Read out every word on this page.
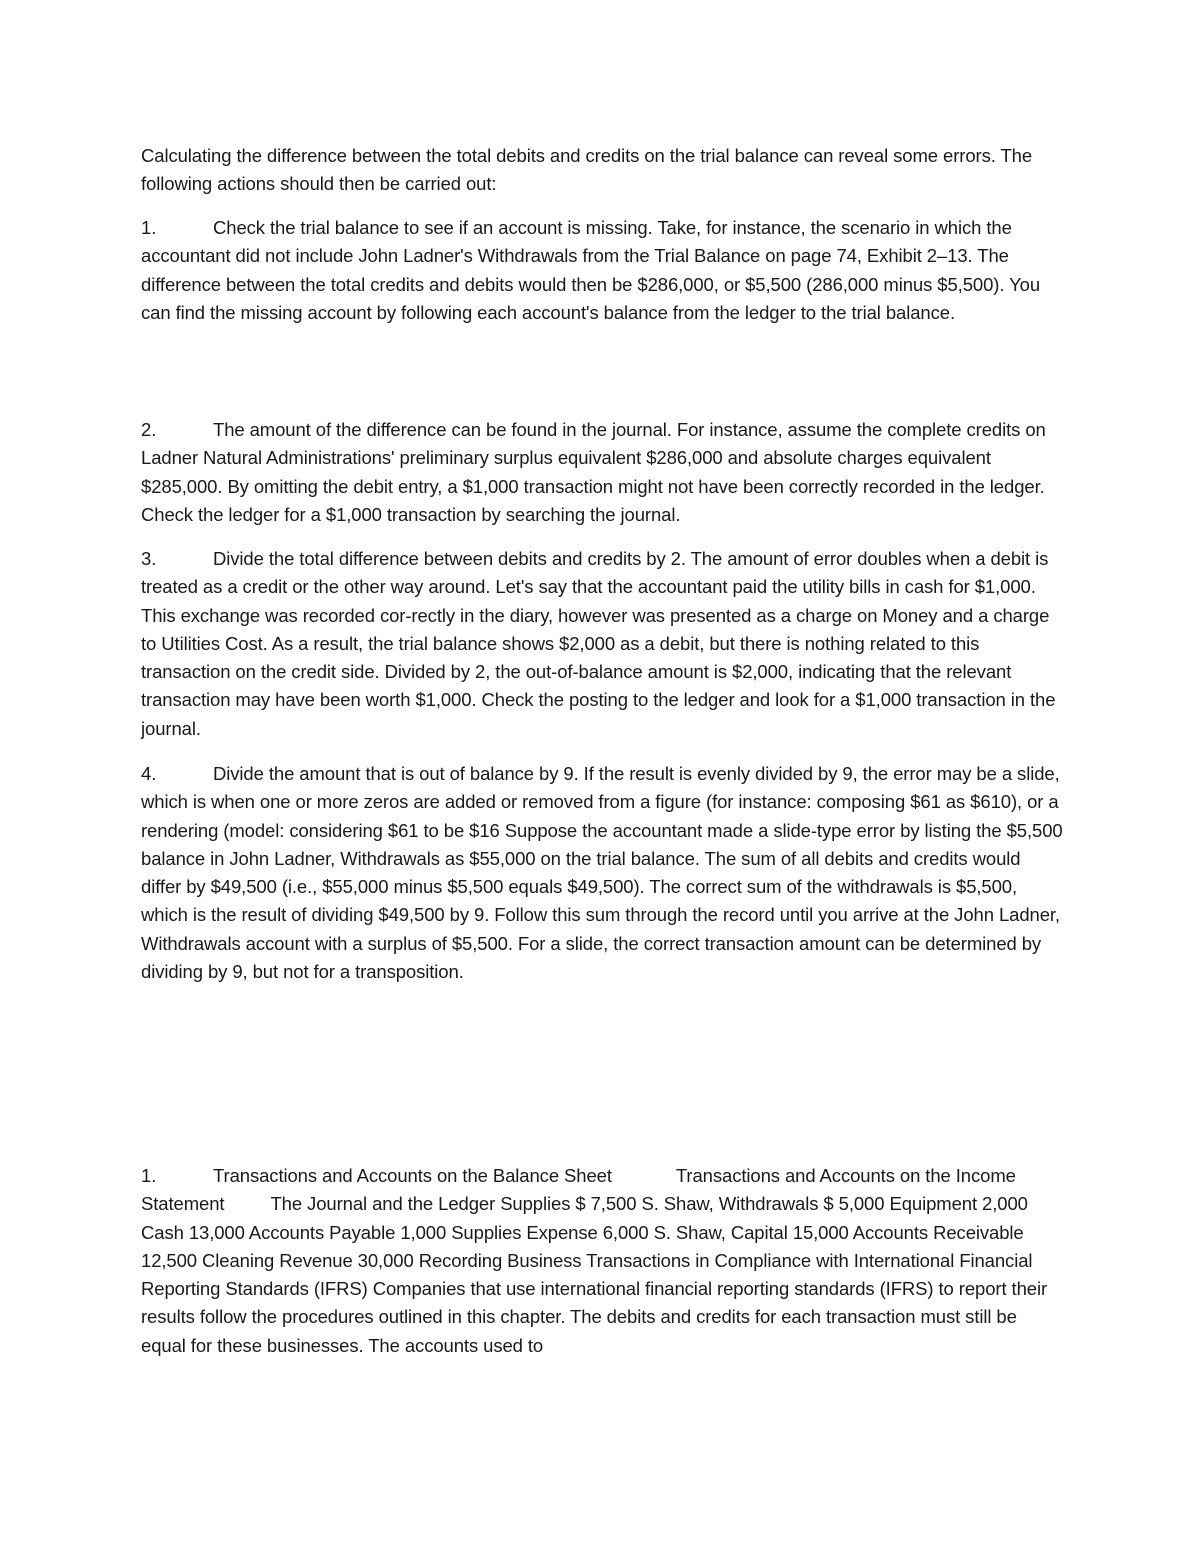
Calculating the difference between the total debits and credits on the trial balance can reveal some errors. The following actions should then be carried out:

1.	Check the trial balance to see if an account is missing. Take, for instance, the scenario in which the accountant did not include John Ladner's Withdrawals from the Trial Balance on page 74, Exhibit 2–13. The difference between the total credits and debits would then be $286,000, or $5,500 (286,000 minus $5,500). You can find the missing account by following each account's balance from the ledger to the trial balance.

2.	The amount of the difference can be found in the journal. For instance, assume the complete credits on Ladner Natural Administrations' preliminary surplus equivalent $286,000 and absolute charges equivalent $285,000. By omitting the debit entry, a $1,000 transaction might not have been correctly recorded in the ledger. Check the ledger for a $1,000 transaction by searching the journal.

3.	Divide the total difference between debits and credits by 2. The amount of error doubles when a debit is treated as a credit or the other way around. Let's say that the accountant paid the utility bills in cash for $1,000. This exchange was recorded cor-rectly in the diary, however was presented as a charge on Money and a charge to Utilities Cost. As a result, the trial balance shows $2,000 as a debit, but there is nothing related to this transaction on the credit side. Divided by 2, the out-of-balance amount is $2,000, indicating that the relevant transaction may have been worth $1,000. Check the posting to the ledger and look for a $1,000 transaction in the journal.

4.	Divide the amount that is out of balance by 9. If the result is evenly divided by 9, the error may be a slide, which is when one or more zeros are added or removed from a figure (for instance: composing $61 as $610), or a rendering (model: considering $61 to be $16 Suppose the accountant made a slide-type error by listing the $5,500 balance in John Ladner, Withdrawals as $55,000 on the trial balance. The sum of all debits and credits would differ by $49,500 (i.e., $55,000 minus $5,500 equals $49,500). The correct sum of the withdrawals is $5,500, which is the result of dividing $49,500 by 9. Follow this sum through the record until you arrive at the John Ladner, Withdrawals account with a surplus of $5,500. For a slide, the correct transaction amount can be determined by dividing by 9, but not for a transposition.

1.	Transactions and Accounts on the Balance Sheet	Transactions and Accounts on the Income Statement The Journal and the Ledger Supplies $ 7,500 S. Shaw, Withdrawals $ 5,000 Equipment 2,000 Cash 13,000 Accounts Payable 1,000 Supplies Expense 6,000 S. Shaw, Capital 15,000 Accounts Receivable 12,500 Cleaning Revenue 30,000 Recording Business Transactions in Compliance with International Financial Reporting Standards (IFRS) Companies that use international financial reporting standards (IFRS) to report their results follow the procedures outlined in this chapter. The debits and credits for each transaction must still be equal for these businesses. The accounts used to
